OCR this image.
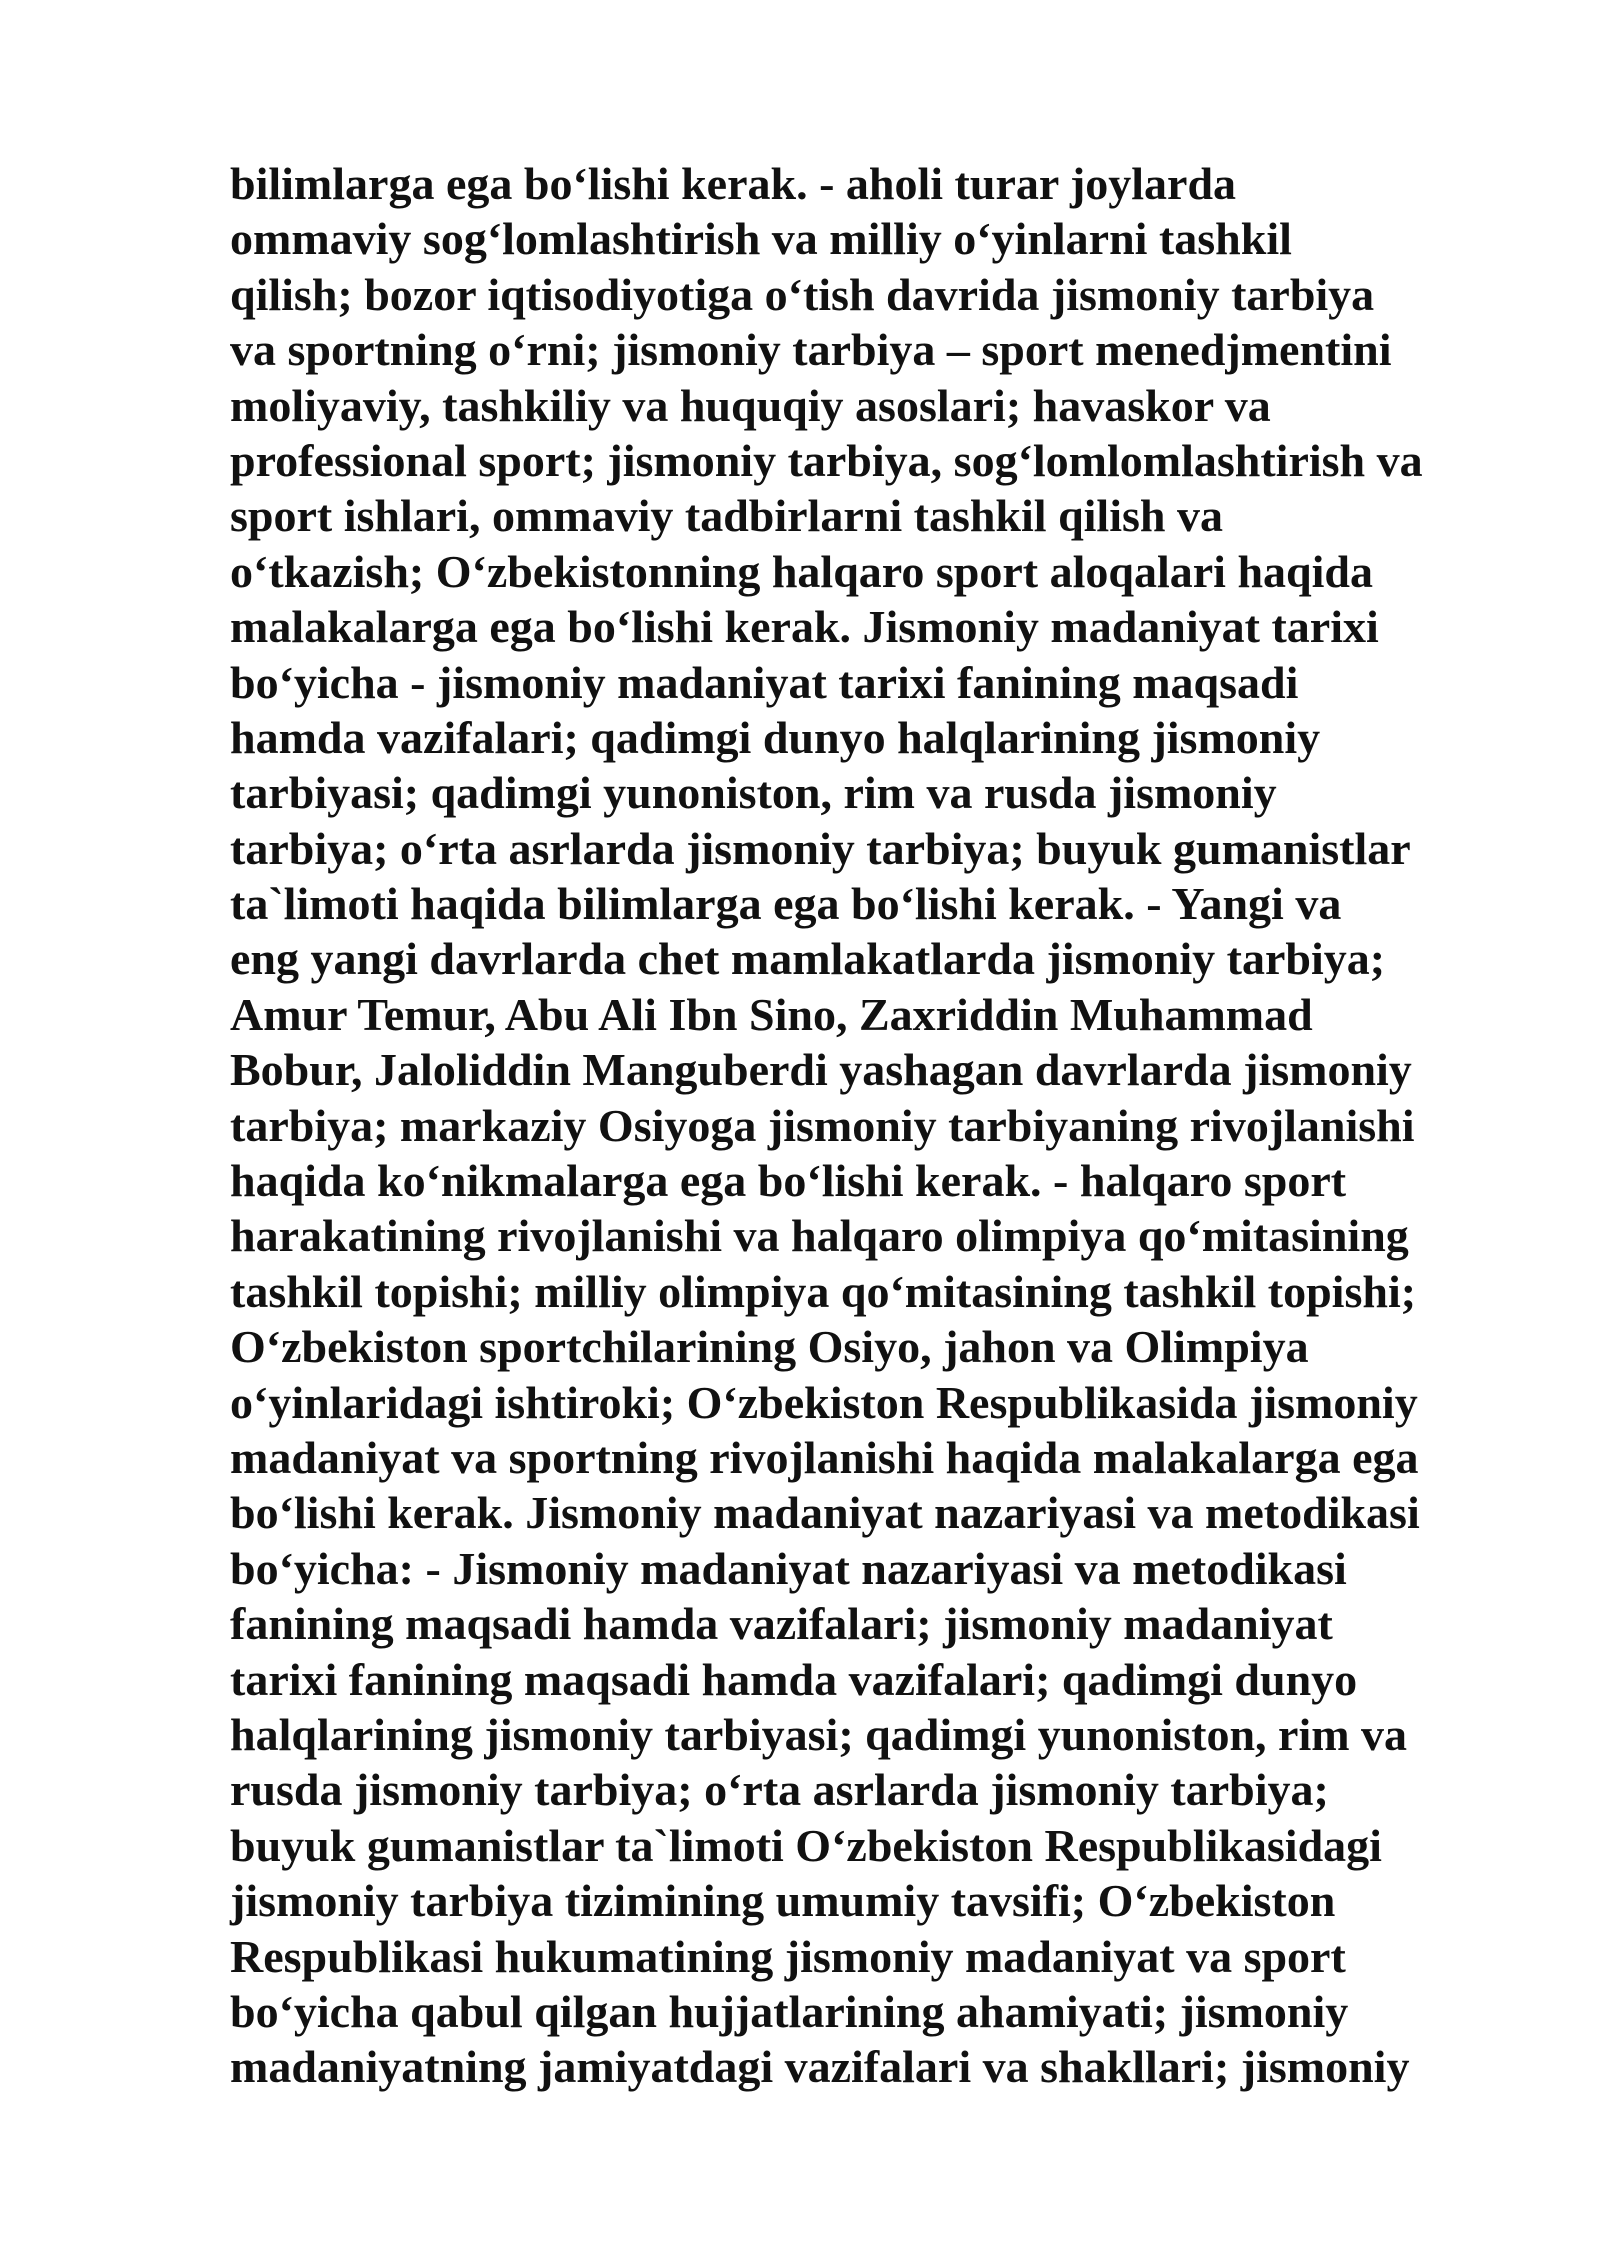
bilimlarga ega bo‘lishi kerak. - aholi turar joylarda
ommaviy sog‘lomlashtirish va milliy o‘yinlarni tashkil
qilish; bozor iqtisodiyotiga o‘tish davrida jismoniy tarbiya
va sportning o‘rni; jismoniy tarbiya – sport menedjmentini
moliyaviy, tashkiliy va huquqiy asoslari; havaskor va
professional sport; jismoniy tarbiya, sog‘lomlomlashtirish va
sport ishlari, ommaviy tadbirlarni tashkil qilish va
o‘tkazish; O‘zbekistonning halqaro sport aloqalari haqida
malakalarga ega bo‘lishi kerak. Jismoniy madaniyat tarixi
bo‘yicha - jismoniy madaniyat tarixi fanining maqsadi
hamda vazifalari; qadimgi dunyo halqlarining jismoniy
tarbiyasi; qadimgi yunoniston, rim va rusda jismoniy
tarbiya; o‘rta asrlarda jismoniy tarbiya; buyuk gumanistlar
ta`limoti haqida bilimlarga ega bo‘lishi kerak. - Yangi va
eng yangi davrlarda chet mamlakatlarda jismoniy tarbiya;
Amur Temur, Abu Ali Ibn Sino, Zaxriddin Muhammad
Bobur, Jaloliddin Manguberdi yashagan davrlarda jismoniy
tarbiya; markaziy Osiyoga jismoniy tarbiyaning rivojlanishi
haqida ko‘nikmalarga ega bo‘lishi kerak. - halqaro sport
harakatining rivojlanishi va halqaro olimpiya qo‘mitasining
tashkil topishi; milliy olimpiya qo‘mitasining tashkil topishi;
O‘zbekiston sportchilarining Osiyo, jahon va Olimpiya
o‘yinlaridagi ishtiroki; O‘zbekiston Respublikasida jismoniy
madaniyat va sportning rivojlanishi haqida malakalarga ega
bo‘lishi kerak. Jismoniy madaniyat nazariyasi va metodikasi
bo‘yicha: - Jismoniy madaniyat nazariyasi va metodikasi
fanining maqsadi hamda vazifalari; jismoniy madaniyat
tarixi fanining maqsadi hamda vazifalari; qadimgi dunyo
halqlarining jismoniy tarbiyasi; qadimgi yunoniston, rim va
rusda jismoniy tarbiya; o‘rta asrlarda jismoniy tarbiya;
buyuk gumanistlar ta`limoti O‘zbekiston Respublikasidagi
jismoniy tarbiya tizimining umumiy tavsifi; O‘zbekiston
Respublikasi hukumatining jismoniy madaniyat va sport
bo‘yicha qabul qilgan hujjatlarining ahamiyati; jismoniy
madaniyatning jamiyatdagi vazifalari va shakllari; jismoniy
